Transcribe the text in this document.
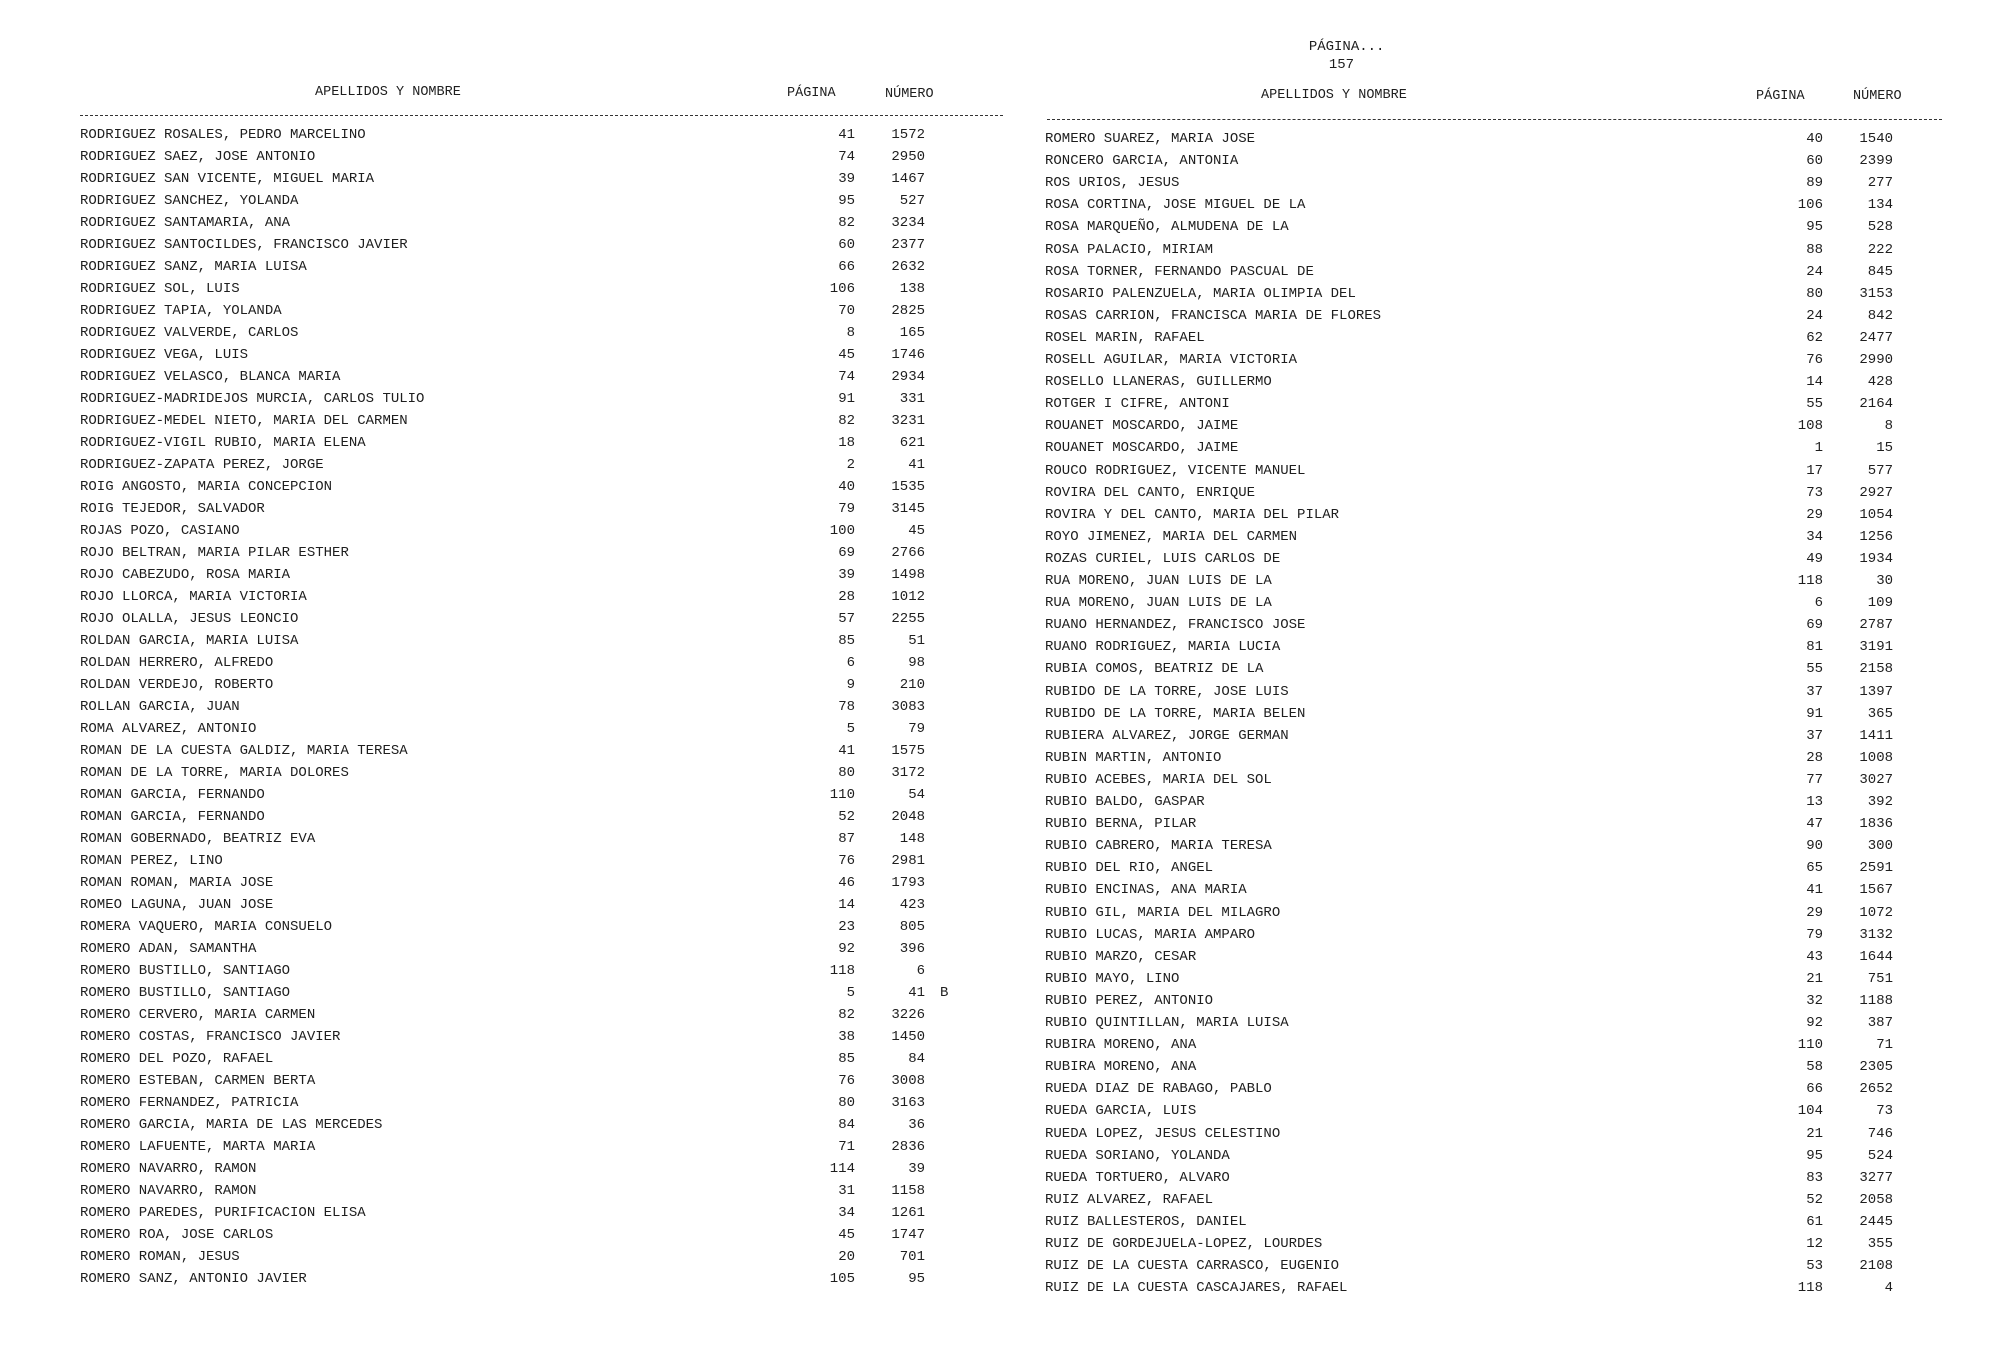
PÁGINA...
157

APELLIDOS Y NOMBRE	PÁGINA	NÚMERO	APELLIDOS Y NOMBRE	PÁGINA	NÚMERO
RODRIGUEZ ROSALES, PEDRO MARCELINO	41	1572
RODRIGUEZ SAEZ, JOSE ANTONIO	74	2950
RODRIGUEZ SAN VICENTE, MIGUEL MARIA	39	1467
RODRIGUEZ SANCHEZ, YOLANDA	95	527
RODRIGUEZ SANTAMARIA, ANA	82	3234
RODRIGUEZ SANTOCILDES, FRANCISCO JAVIER	60	2377
RODRIGUEZ SANZ, MARIA LUISA	66	2632
RODRIGUEZ SOL, LUIS	106	138
RODRIGUEZ TAPIA, YOLANDA	70	2825
RODRIGUEZ VALVERDE, CARLOS	8	165
RODRIGUEZ VEGA, LUIS	45	1746
RODRIGUEZ VELASCO, BLANCA MARIA	74	2934
RODRIGUEZ-MADRIDEJOS MURCIA, CARLOS TULIO	91	331
RODRIGUEZ-MEDEL NIETO, MARIA DEL CARMEN	82	3231
RODRIGUEZ-VIGIL RUBIO, MARIA ELENA	18	621
RODRIGUEZ-ZAPATA PEREZ, JORGE	2	41
ROIG ANGOSTO, MARIA CONCEPCION	40	1535
ROIG TEJEDOR, SALVADOR	79	3145
ROJAS POZO, CASIANO	100	45
ROJO BELTRAN, MARIA PILAR ESTHER	69	2766
ROJO CABEZUDO, ROSA MARIA	39	1498
ROJO LLORCA, MARIA VICTORIA	28	1012
ROJO OLALLA, JESUS LEONCIO	57	2255
ROLDAN GARCIA, MARIA LUISA	85	51
ROLDAN HERRERO, ALFREDO	6	98
ROLDAN VERDEJO, ROBERTO	9	210
ROLLAN GARCIA, JUAN	78	3083
ROMA ALVAREZ, ANTONIO	5	79
ROMAN DE LA CUESTA GALDIZ, MARIA TERESA	41	1575
ROMAN DE LA TORRE, MARIA DOLORES	80	3172
ROMAN GARCIA, FERNANDO	110	54
ROMAN GARCIA, FERNANDO	52	2048
ROMAN GOBERNADO, BEATRIZ EVA	87	148
ROMAN PEREZ, LINO	76	2981
ROMAN ROMAN, MARIA JOSE	46	1793
ROMEO LAGUNA, JUAN JOSE	14	423
ROMERA VAQUERO, MARIA CONSUELO	23	805
ROMERO ADAN, SAMANTHA	92	396
ROMERO BUSTILLO, SANTIAGO	118	6
ROMERO BUSTILLO, SANTIAGO	5	41 B
ROMERO CERVERO, MARIA CARMEN	82	3226
ROMERO COSTAS, FRANCISCO JAVIER	38	1450
ROMERO DEL POZO, RAFAEL	85	84
ROMERO ESTEBAN, CARMEN BERTA	76	3008
ROMERO FERNANDEZ, PATRICIA	80	3163
ROMERO GARCIA, MARIA DE LAS MERCEDES	84	36
ROMERO LAFUENTE, MARTA MARIA	71	2836
ROMERO NAVARRO, RAMON	114	39
ROMERO NAVARRO, RAMON	31	1158
ROMERO PAREDES, PURIFICACION ELISA	34	1261
ROMERO ROA, JOSE CARLOS	45	1747
ROMERO ROMAN, JESUS	20	701
ROMERO SANZ, ANTONIO JAVIER	105	95
ROMERO SUAREZ, MARIA JOSE	40	1540
RONCERO GARCIA, ANTONIA	60	2399
ROS URIOS, JESUS	89	277
ROSA CORTINA, JOSE MIGUEL DE LA	106	134
ROSA MARQUEÑO, ALMUDENA DE LA	95	528
ROSA PALACIO, MIRIAM	88	222
ROSA TORNER, FERNANDO PASCUAL DE	24	845
ROSARIO PALENZUELA, MARIA OLIMPIA DEL	80	3153
ROSAS CARRION, FRANCISCA MARIA DE FLORES	24	842
ROSEL MARIN, RAFAEL	62	2477
ROSELL AGUILAR, MARIA VICTORIA	76	2990
ROSELLO LLANERAS, GUILLERMO	14	428
ROTGER I CIFRE, ANTONI	55	2164
ROUANET MOSCARDO, JAIME	108	8
ROUANET MOSCARDO, JAIME	1	15
ROUCO RODRIGUEZ, VICENTE MANUEL	17	577
ROVIRA DEL CANTO, ENRIQUE	73	2927
ROVIRA Y DEL CANTO, MARIA DEL PILAR	29	1054
ROYO JIMENEZ, MARIA DEL CARMEN	34	1256
ROZAS CURIEL, LUIS CARLOS DE	49	1934
RUA MORENO, JUAN LUIS DE LA	118	30
RUA MORENO, JUAN LUIS DE LA	6	109
RUANO HERNANDEZ, FRANCISCO JOSE	69	2787
RUANO RODRIGUEZ, MARIA LUCIA	81	3191
RUBIA COMOS, BEATRIZ DE LA	55	2158
RUBIDO DE LA TORRE, JOSE LUIS	37	1397
RUBIDO DE LA TORRE, MARIA BELEN	91	365
RUBIERA ALVAREZ, JORGE GERMAN	37	1411
RUBIN MARTIN, ANTONIO	28	1008
RUBIO ACEBES, MARIA DEL SOL	77	3027
RUBIO BALDO, GASPAR	13	392
RUBIO BERNA, PILAR	47	1836
RUBIO CABRERO, MARIA TERESA	90	300
RUBIO DEL RIO, ANGEL	65	2591
RUBIO ENCINAS, ANA MARIA	41	1567
RUBIO GIL, MARIA DEL MILAGRO	29	1072
RUBIO LUCAS, MARIA AMPARO	79	3132
RUBIO MARZO, CESAR	43	1644
RUBIO MAYO, LINO	21	751
RUBIO PEREZ, ANTONIO	32	1188
RUBIO QUINTILLAN, MARIA LUISA	92	387
RUBIRA MORENO, ANA	110	71
RUBIRA MORENO, ANA	58	2305
RUEDA DIAZ DE RABAGO, PABLO	66	2652
RUEDA GARCIA, LUIS	104	73
RUEDA LOPEZ, JESUS CELESTINO	21	746
RUEDA SORIANO, YOLANDA	95	524
RUEDA TORTUERO, ALVARO	83	3277
RUIZ ALVAREZ, RAFAEL	52	2058
RUIZ BALLESTEROS, DANIEL	61	2445
RUIZ DE GORDEJUELA-LOPEZ, LOURDES	12	355
RUIZ DE LA CUESTA CARRASCO, EUGENIO	53	2108
RUIZ DE LA CUESTA CASCAJARES, RAFAEL	118	4
